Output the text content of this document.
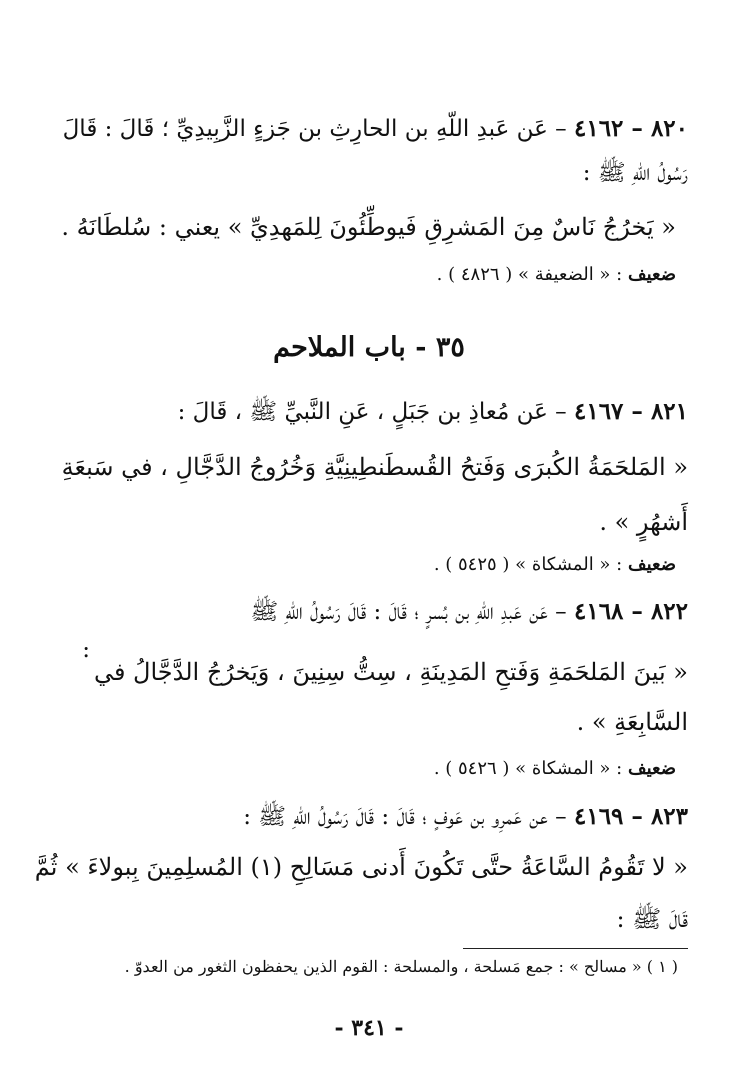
٨٢٠ – ٤١٦٢ – عَن عَبدِ اللّهِ بن الحارِثِ بن جَزءٍ الزَّبِيدِيِّ ؛ قَالَ : قَالَ
رَسُولُ اللّهِ ﷺ :
« يَخرُجُ نَاسٌ مِنَ المَشرِقِ فَيوطِّئُونَ لِلمَهدِيِّ » يعني : سُلطَانَهُ .
ضعيف : « الضعيفة » ( ٤٨٢٦ ) .
٣٥ - باب الملاحم
٨٢١ – ٤١٦٧ – عَن مُعاذِ بن جَبَلٍ ، عَنِ النَّبيِّ ﷺ ، قَالَ :
« المَلحَمَةُ الكُبرَى وَفَتحُ القُسطَنطِينِيَّةِ وَخُرُوجُ الدَّجَّالِ ، في سَبعَةِ
أَشهُرٍ » .
ضعيف : « المشكاة » ( ٥٤٢٥ ) .
٨٢٢ – ٤١٦٨ – عَن عَبدِ اللّهِ بن بُسرٍ ؛ قَالَ : قَالَ رَسُولُ اللّهِ ﷺ
:
« بَينَ المَلحَمَةِ وَفَتحِ المَدِينَةِ ، سِتُّ سِنِينَ ، وَيَخرُجُ الدَّجَّالُ في
السَّابِعَةِ » .
ضعيف : « المشكاة » ( ٥٤٢٦ ) .
٨٢٣ – ٤١٦٩ – عن عَمرِو بن عَوفٍ ؛ قَالَ : قَالَ رَسُولُ اللّهِ ﷺ :
« لا تَقُومُ السَّاعَةُ حتَّى تَكُونَ أَدنى مَسَالِحِ (١) المُسلِمِينَ بِبولاءَ » ثُمَّ
قَالَ ﷺ :
( ١ ) « مسالح » : جمع مَسلحة ، والمسلحة : القوم الذين يحفظون الثغور من العدوّ .
- ٣٤١ -
